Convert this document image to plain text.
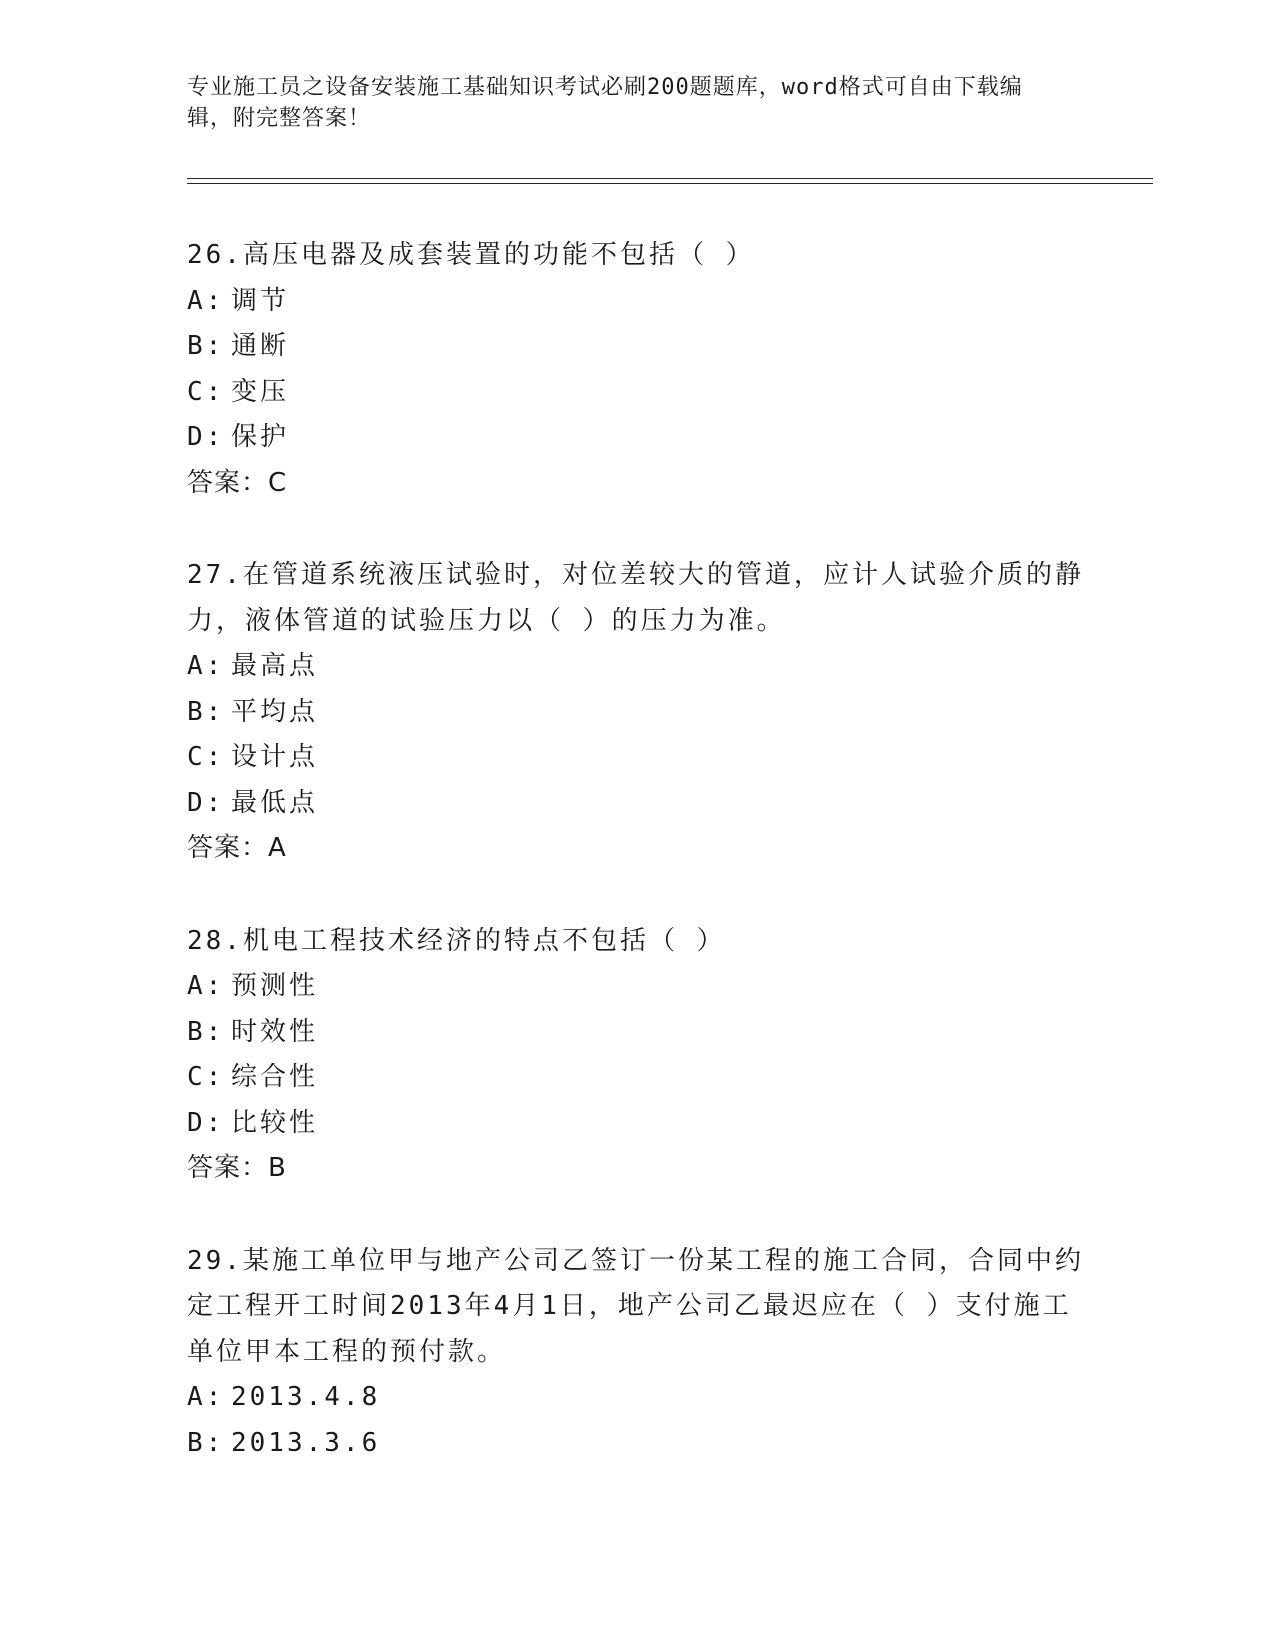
专业施工员之设备安装施工基础知识考试必刷200题题库，word格式可自由下载编辑，附完整答案！

26.高压电器及成套装置的功能不包括（ ）

A: 调节

B: 通断

C: 变压

D: 保护

答案：C

27.在管道系统液压试验时，对位差较大的管道，应计人试验介质的静力，液体管道的试验压力以（ ）的压力为准。

A: 最高点

B: 平均点

C: 设计点

D: 最低点

答案：A

28.机电工程技术经济的特点不包括（ ）

A: 预测性

B: 时效性

C: 综合性

D: 比较性

答案：B

29.某施工单位甲与地产公司乙签订一份某工程的施工合同，合同中约定工程开工时间2013年4月1日，地产公司乙最迟应在（ ）支付施工单位甲本工程的预付款。

A: 2013.4.8

B: 2013.3.6
